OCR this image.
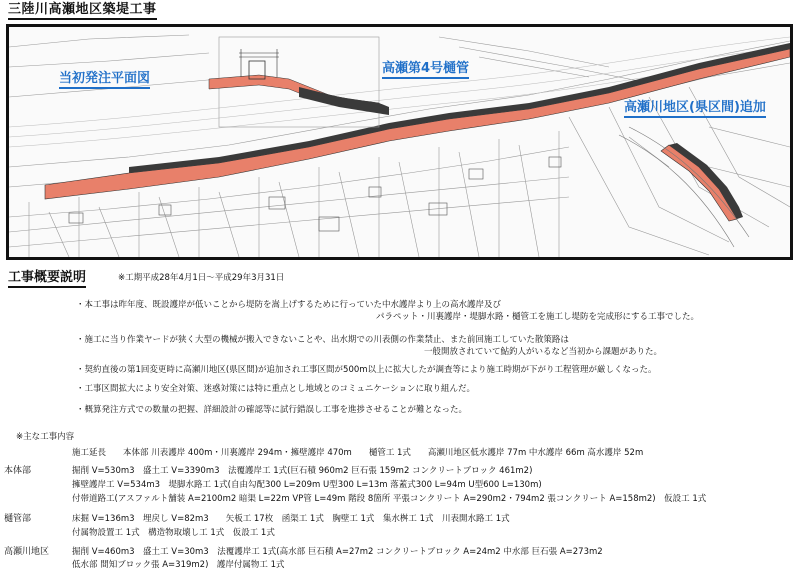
三陸川高瀬地区築堤工事
当初発注平面図
高瀬第4号樋管
高瀬川地区(県区間)追加
工事概要説明	※工期平成28年4月1日～平成29年3月31日
・本工事は昨年度、既設護岸が低いことから堤防を嵩上げするために行っていた中水護岸より上の高水護岸及び
パラペット・川裏護岸・堤脚水路・樋管工を施工し堤防を完成形にする工事でした。
・施工に当り作業ヤードが狭く大型の機械が搬入できないことや、出水期での川表側の作業禁止、また前回施工していた散策路は
一般開放されていて鮎釣人がいるなど当初から課題がありた。
・契約直後の第1回変更時に高瀬川地区(県区間)が追加され工事区間が500m以上に拡大したが調査等により施工時期が下がり工程管理が厳しくなった。
・工事区間拡大により安全対策、迷惑対策には特に重点とし地域とのコミュニケーションに取り組んだ。
・概算発注方式での数量の把握、詳細設計の確認等に試行錯誤し工事を進捗させることが難となった。
※主な工事内容
施工延長　　本体部 川表護岸 400m・川裏護岸 294m・擁壁護岸 470m　　樋管工 1式　　高瀬川地区低水護岸 77m 中水護岸 66m 高水護岸 52m
本体部	掘削 V=530m3　盛土工 V=3390m3　法覆護岸工 1式(巨石積 960m2 巨石張 159m2 コンクリートブロック 461m2)
擁壁護岸工 V=534m3　堤脚水路工 1式(自由勾配300 L=209m U型300 L=13m 落蓋式300 L=94m U型600 L=130m)
付帯道路工(アスファルト舗装 A=2100m2 暗渠 L=22m VP管 L=49m 階段 8箇所 平張コンクリート A=290m2・794m2 張コンクリート A=158m2)　仮設工 1式
樋管部	床掘 V=136m3　埋戻し V=82m3　　矢板工 17枚　函渠工 1式　胸壁工 1式　集水桝工 1式　川表開水路工 1式
付属物設置工 1式　構造物取壊し工 1式　仮設工 1式
高瀬川地区	掘削 V=460m3　盛土工 V=30m3　法覆護岸工 1式(高水部 巨石積 A=27m2 コンクリートブロック A=24m2 中水部 巨石張 A=273m2
低水部 間知ブロック張 A=319m2)　護岸付属物工 1式
